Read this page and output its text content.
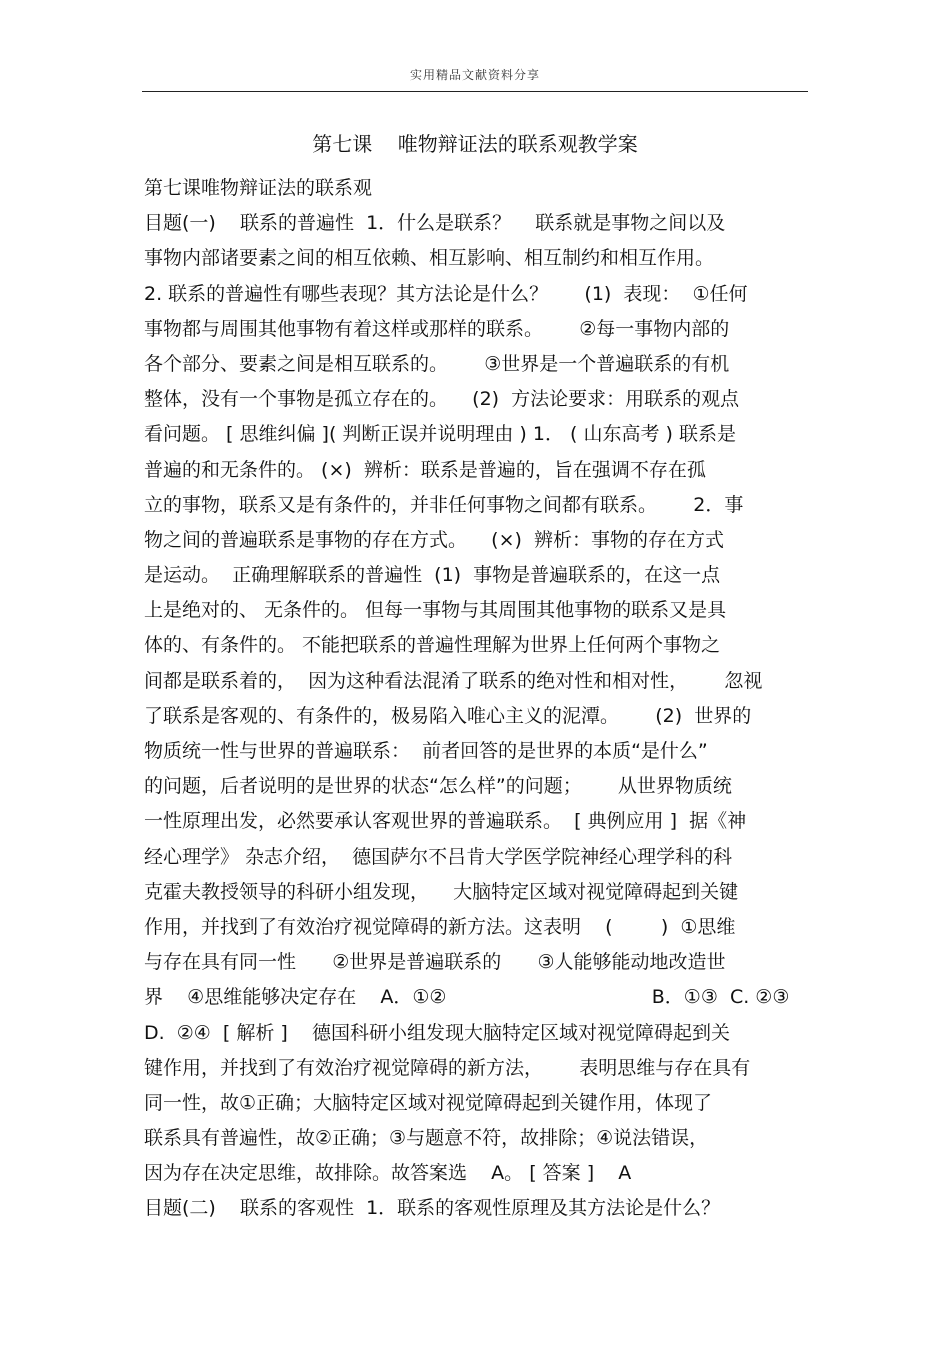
实用精品文献资料分享
第七课    唯物辩证法的联系观教学案
第七课唯物辩证法的联系观
目题(一)    联系的普遍性  1．什么是联系？    联系就是事物之间以及
事物内部诸要素之间的相互依赖、相互影响、相互制约和相互作用。
2. 联系的普遍性有哪些表现？其方法论是什么？      (1)  表现：  ①任何
事物都与周围其他事物有着这样或那样的联系。      ②每一事物内部的
各个部分、要素之间是相互联系的。      ③世界是一个普遍联系的有机
整体，没有一个事物是孤立存在的。    (2)  方法论要求：用联系的观点
看问题。 [ 思维纠偏 ]( 判断正误并说明理由 ) 1． ( 山东高考 ) 联系是
普遍的和无条件的。 (×)  辨析：联系是普遍的，旨在强调不存在孤
立的事物，联系又是有条件的，并非任何事物之间都有联系。      2．事
物之间的普遍联系是事物的存在方式。    (×)  辨析：事物的存在方式
是运动。  正确理解联系的普遍性  (1)  事物是普遍联系的，在这一点
上是绝对的、 无条件的。 但每一事物与其周围其他事物的联系又是具
体的、有条件的。 不能把联系的普遍性理解为世界上任何两个事物之
间都是联系着的，  因为这种看法混淆了联系的绝对性和相对性，      忽视
了联系是客观的、有条件的，极易陷入唯心主义的泥潭。      (2)  世界的
物质统一性与世界的普遍联系：  前者回答的是世界的本质“是什么”
的问题，后者说明的是世界的状态“怎么样”的问题；      从世界物质统
一性原理出发，必然要承认客观世界的普遍联系。  [ 典例应用 ]  据《神
经心理学》 杂志介绍，  德国萨尔不吕肯大学医学院神经心理学科的科
克霍夫教授领导的科研小组发现，    大脑特定区域对视觉障碍起到关键
作用，并找到了有效治疗视觉障碍的新方法。这表明    (        )  ①思维
与存在具有同一性      ②世界是普遍联系的      ③人能够能动地改造世
界    ④思维能够决定存在    A．①②                                  B．①③  C. ②③
D.  ②④  [ 解析 ]    德国科研小组发现大脑特定区域对视觉障碍起到关
键作用，并找到了有效治疗视觉障碍的新方法，      表明思维与存在具有
同一性，故①正确；大脑特定区域对视觉障碍起到关键作用，体现了
联系具有普遍性，故②正确；③与题意不符，故排除；④说法错误，
因为存在决定思维，故排除。故答案选    A。 [ 答案 ]    A
目题(二)    联系的客观性  1．联系的客观性原理及其方法论是什么？
